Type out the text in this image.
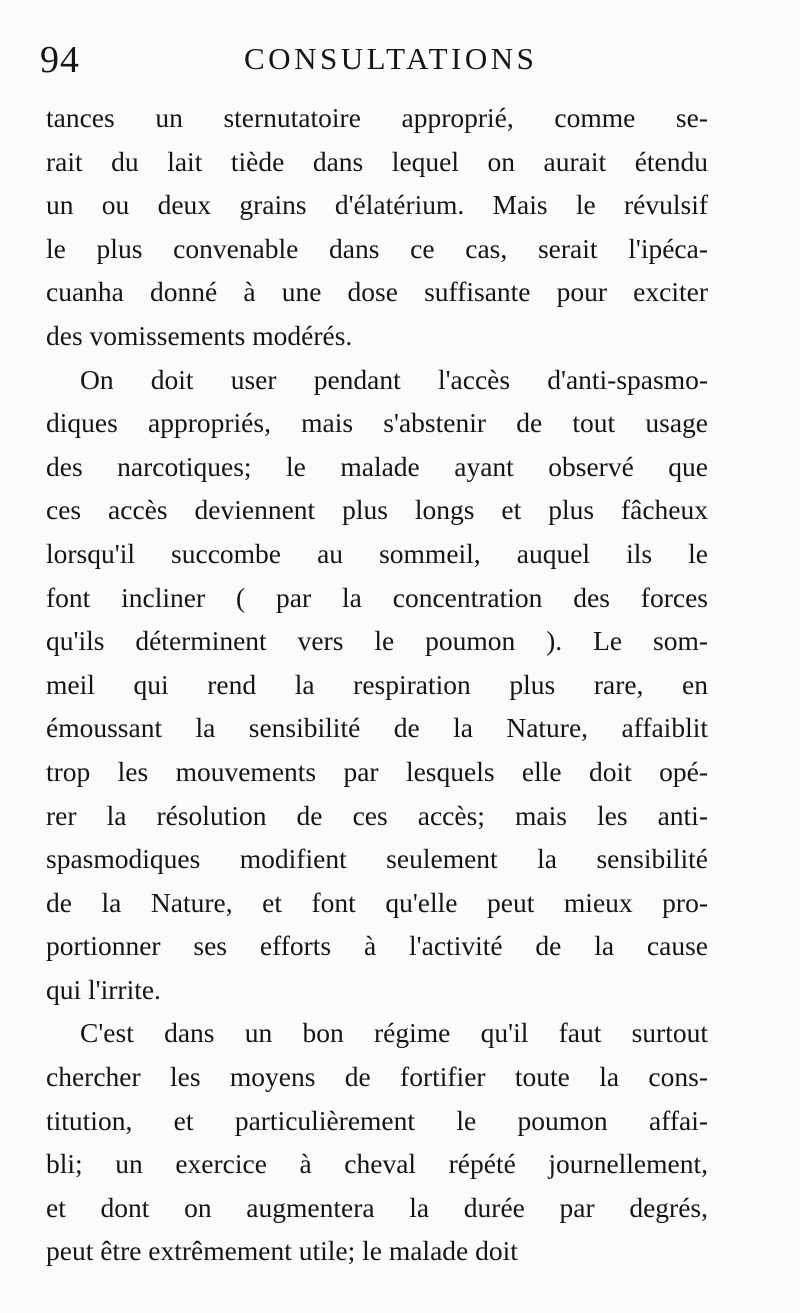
94	CONSULTATIONS
tances un sternutatoire approprié, comme se-
rait du lait tiède dans lequel on aurait étendu
un ou deux grains d'élatérium. Mais le révulsif
le plus convenable dans ce cas, serait l'ipéca-
cuanha donné à une dose suffisante pour exciter
des vomissements modérés.
On doit user pendant l'accès d'anti-spasmo-
diques appropriés, mais s'abstenir de tout usage
des narcotiques; le malade ayant observé que
ces accès deviennent plus longs et plus fâcheux
lorsqu'il succombe au sommeil, auquel ils le
font incliner ( par la concentration des forces
qu'ils déterminent vers le poumon ). Le som-
meil qui rend la respiration plus rare, en
émoussant la sensibilité de la Nature, affaiblit
trop les mouvements par lesquels elle doit opé-
rer la résolution de ces accès; mais les anti-
spasmodiques modifient seulement la sensibilité
de la Nature, et font qu'elle peut mieux pro-
portionner ses efforts à l'activité de la cause
qui l'irrite.
C'est dans un bon régime qu'il faut surtout
chercher les moyens de fortifier toute la cons-
titution, et particulièrement le poumon affai-
bli; un exercice à cheval répété journellement,
et dont on augmentera la durée par degrés,
peut être extrêmement utile; le malade doit
